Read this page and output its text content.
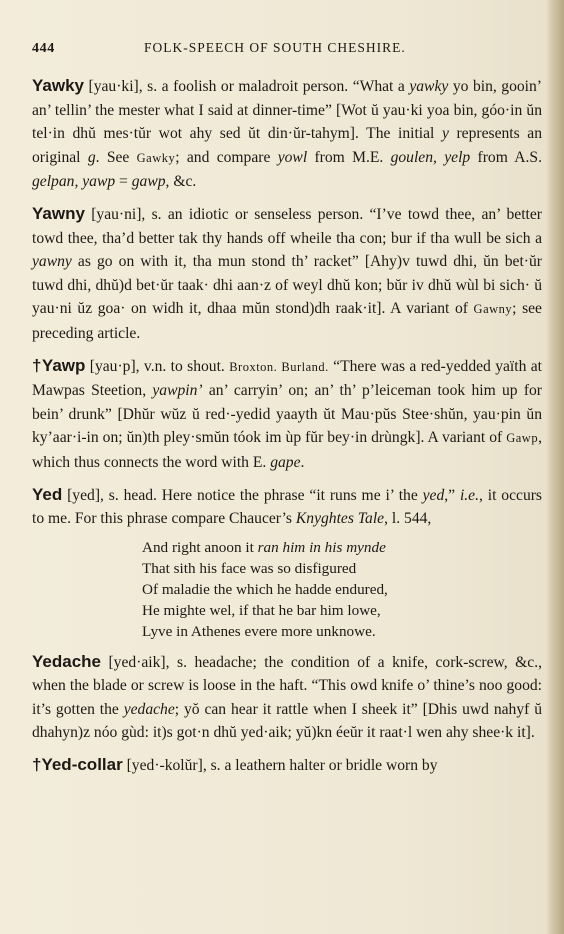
444	FOLK-SPEECH OF SOUTH CHESHIRE.
Yawky [yau·ki], s. a foolish or maladroit person. “What a yawky yo bin, gooin’ an’ tellin’ the mester what I said at dinner-time” [Wot ŭ yau·ki yoa bin, góo·in ŭn tel·in dhŭ mes·tŭr wot ahy sed ŭt din·ŭr-tahym]. The initial y represents an original g. See Gawky; and compare yowl from M.E. goulen, yelp from A.S. gelpan, yawp = gawp, &c.
Yawny [yau·ni], s. an idiotic or senseless person. “I’ve towd thee, an’ better towd thee, tha’d better tak thy hands off wheile tha con; bur if tha wull be sich a yawny as go on with it, tha mun stond th’ racket” [Ahy)v tuwd dhi, ŭn bet·ŭr tuwd dhi, dhŭ)d bet·ŭr taak· dhi aan·z of weyl dhŭ kon; bŭr iv dhŭ wùl bi sich· ŭ yau·ni ŭz goa· on widh it, dhaa mŭn stond)dh raak·it]. A variant of Gawny; see preceding article.
†Yawp [yau·p], v.n. to shout. Broxton. Burland. “There was a red-yedded yaïth at Mawpas Steetion, yawpin’ an’ carryin’ on; an’ th’ p’leiceman took him up for bein’ drunk” [Dhŭr wŭz ŭ red·-yedid yaayth ŭt Mau·pŭs Stee·shŭn, yau·pin ŭn ky’aar·i-in on; ŭn)th pley·smŭn tóok im ùp fŭr bey·in drùngk]. A variant of Gawp, which thus connects the word with E. gape.
Yed [yed], s. head. Here notice the phrase “it runs me i’ the yed,” i.e., it occurs to me. For this phrase compare Chaucer’s Knyghtes Tale, l. 544,
And right anoon it ran him in his mynde
That sith his face was so disfigured
Of maladie the which he hadde endured,
He mighte wel, if that he bar him lowe,
Lyve in Athenes evere more unknowe.
Yedache [yed·aik], s. headache; the condition of a knife, cork-screw, &c., when the blade or screw is loose in the haft. “This owd knife o’ thine’s noo good: it’s gotten the yedache; yŏ can hear it rattle when I sheek it” [Dhis uwd nahyf ŭ dhahyn)z nóo gùd: it)s got·n dhŭ yed·aik; yŭ)kn éeŭr it raat·l wen ahy shee·k it].
†Yed-collar [yed·-kolŭr], s. a leathern halter or bridle worn by
